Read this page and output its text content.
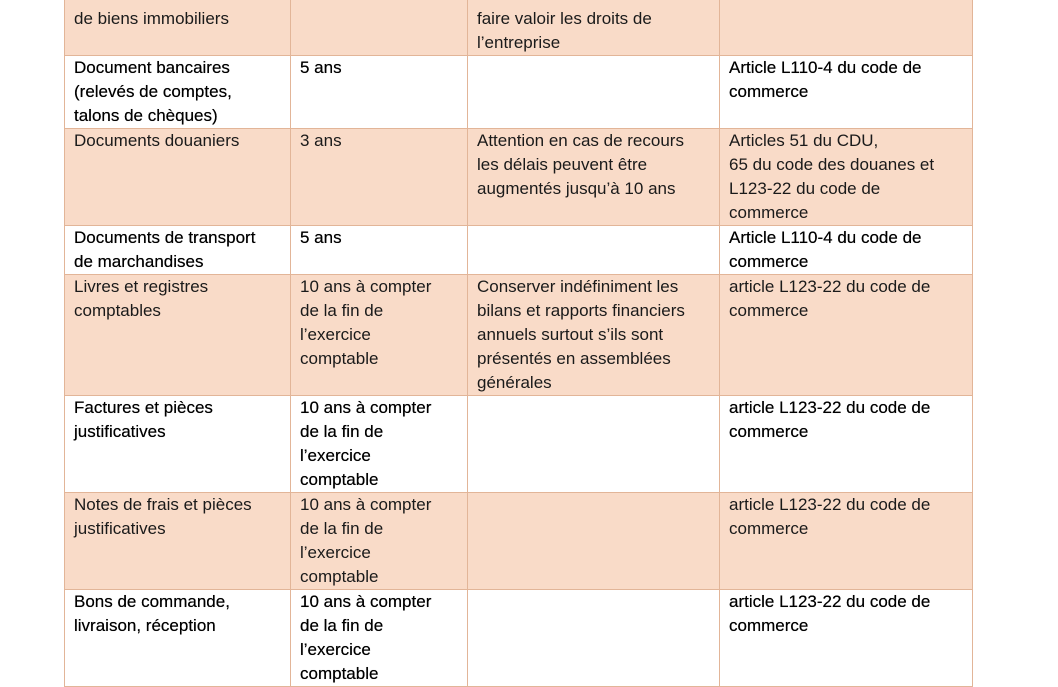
de biens immobiliers		faire valoir les droits de
l’entreprise	

Document bancaires
(relevés de comptes,
talons de chèques)	5 ans		Article L110-4 du code de
commerce

Documents douaniers	3 ans	Attention en cas de recours
les délais peuvent être
augmentés jusqu’à 10 ans	Articles 51 du CDU,
65 du code des douanes et
L123-22 du code de
commerce

Documents de transport
de marchandises	5 ans		Article L110-4 du code de
commerce

Livres et registres
comptables	10 ans à compter
de la fin de
l’exercice
comptable	Conserver indéfiniment les
bilans et rapports financiers
annuels surtout s’ils sont
présentés en assemblées
générales	article L123-22 du code de
commerce

Factures et pièces
justificatives	10 ans à compter
de la fin de
l’exercice
comptable		article L123-22 du code de
commerce

Notes de frais et pièces
justificatives	10 ans à compter
de la fin de
l’exercice
comptable		article L123-22 du code de
commerce

Bons de commande,
livraison, réception	10 ans à compter
de la fin de
l’exercice
comptable		article L123-22 du code de
commerce
